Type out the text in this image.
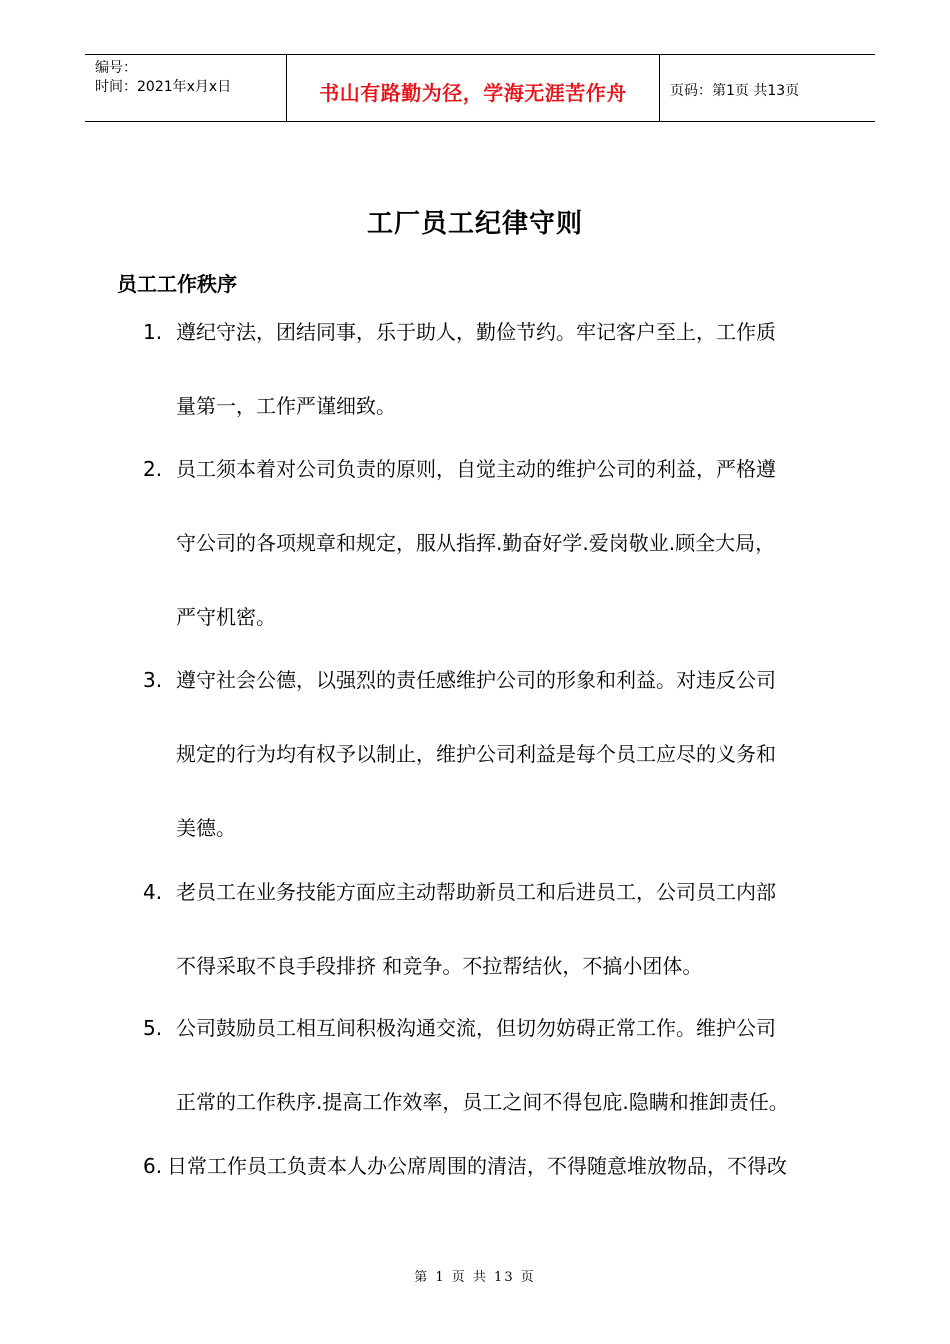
编号：
时间：2021年x月x日	书山有路勤为径，学海无涯苦作舟	页码：第1页 共13页
工厂员工纪律守则
员工工作秩序
1. 遵纪守法，团结同事，乐于助人，勤俭节约。牢记客户至上，工作质
量第一，工作严谨细致。
2. 员工须本着对公司负责的原则，自觉主动的维护公司的利益，严格遵
守公司的各项规章和规定，服从指挥.勤奋好学.爱岗敬业.顾全大局，
严守机密。
3. 遵守社会公德，以强烈的责任感维护公司的形象和利益。对违反公司
规定的行为均有权予以制止，维护公司利益是每个员工应尽的义务和
美德。
4. 老员工在业务技能方面应主动帮助新员工和后进员工，公司员工内部
不得采取不良手段排挤 和竞争。不拉帮结伙，不搞小团体。
5. 公司鼓励员工相互间积极沟通交流，但切勿妨碍正常工作。维护公司
正常的工作秩序.提高工作效率，员工之间不得包庇.隐瞒和推卸责任。
6. 日常工作员工负责本人办公席周围的清洁，不得随意堆放物品，不得改
第 1 页 共 13 页
